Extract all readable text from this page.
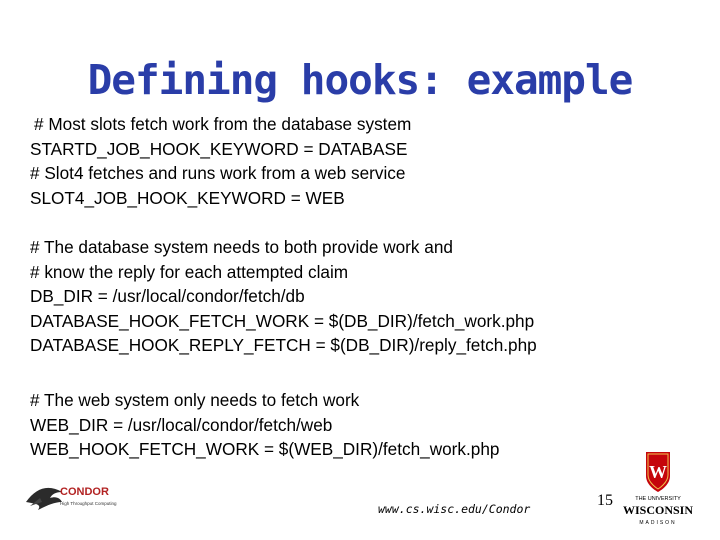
Defining hooks: example
# Most slots fetch work from the database system
STARTD_JOB_HOOK_KEYWORD = DATABASE
# Slot4 fetches and runs work from a web service
SLOT4_JOB_HOOK_KEYWORD = WEB
# The database system needs to both provide work and
# know the reply for each attempted claim
DB_DIR = /usr/local/condor/fetch/db
DATABASE_HOOK_FETCH_WORK = $(DB_DIR)/fetch_work.php
DATABASE_HOOK_REPLY_FETCH = $(DB_DIR)/reply_fetch.php
# The web system only needs to fetch work
WEB_DIR = /usr/local/condor/fetch/web
WEB_HOOK_FETCH_WORK = $(WEB_DIR)/fetch_work.php
CONDOR
High Throughput Computing	www.cs.wisc.edu/Condor	15
W
THE UNIVERSITY
WISCONSIN
MADISON
